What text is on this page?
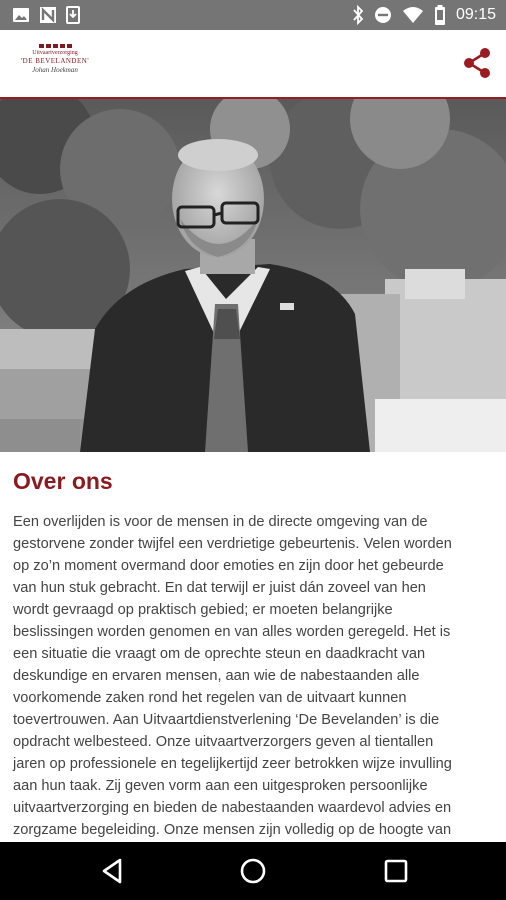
09:15
Uitvaartverzorging
'DE BEVELANDEN'
Johan Hoekman
Over ons
Een overlijden is voor de mensen in de directe omgeving van de
gestorvene zonder twijfel een verdrietige gebeurtenis. Velen worden
op zo’n moment overmand door emoties en zijn door het gebeurde
van hun stuk gebracht. En dat terwijl er juist dán zoveel van hen
wordt gevraagd op praktisch gebied; er moeten belangrijke
beslissingen worden genomen en van alles worden geregeld. Het is
een situatie die vraagt om de oprechte steun en daadkracht van
deskundige en ervaren mensen, aan wie de nabestaanden alle
voorkomende zaken rond het regelen van de uitvaart kunnen
toevertrouwen. Aan Uitvaartdienstverlening ‘De Bevelanden’ is die
opdracht welbesteed. Onze uitvaartverzorgers geven al tientallen
jaren op professionele en tegelijkertijd zeer betrokken wijze invulling
aan hun taak. Zij geven vorm aan een uitgesproken persoonlijke
uitvaartverzorging en bieden de nabestaanden waardevol advies en
zorgzame begeleiding. Onze mensen zijn volledig op de hoogte van
